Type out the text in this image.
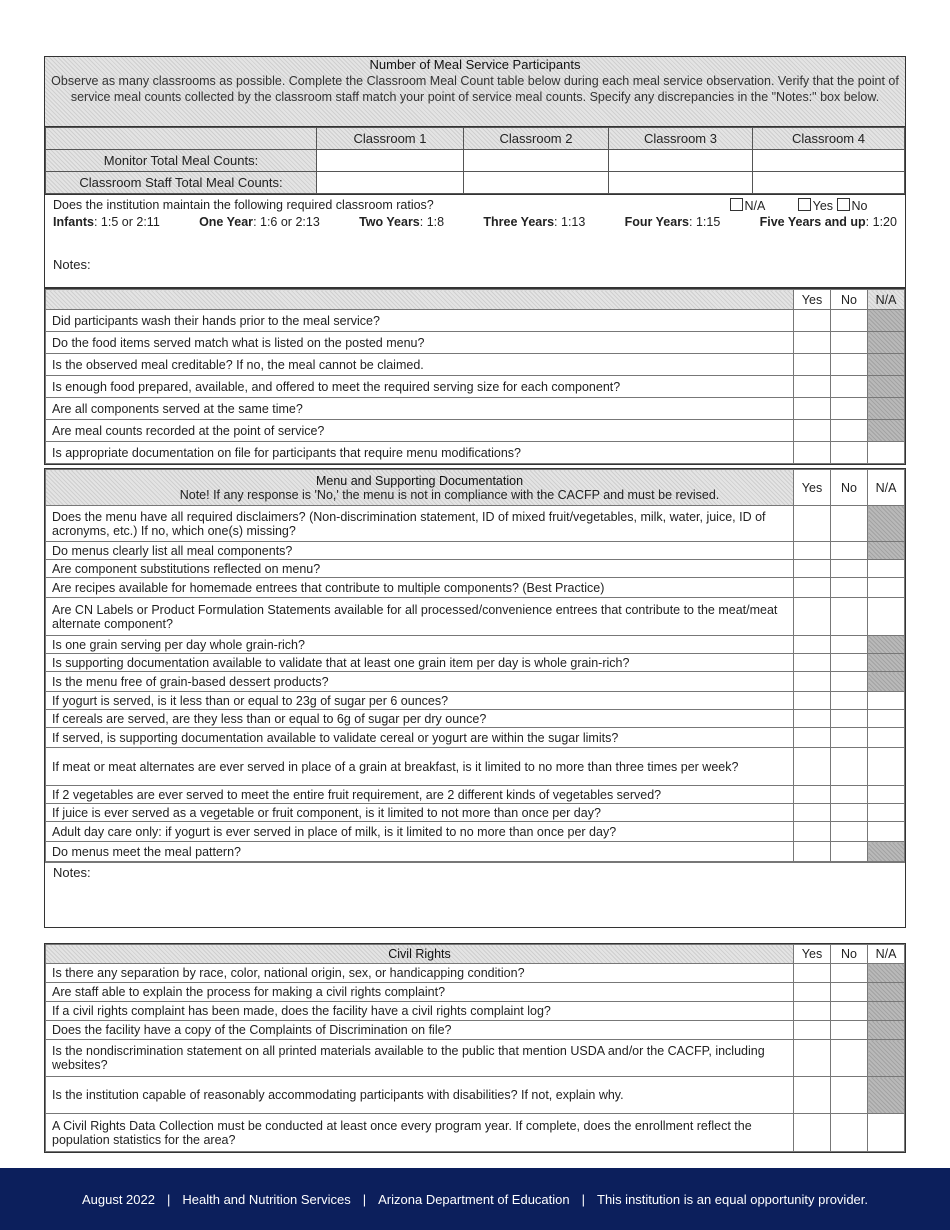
Number of Meal Service Participants
Observe as many classrooms as possible. Complete the Classroom Meal Count table below during each meal service observation. Verify that the point of service meal counts collected by the classroom staff match your point of service meal counts. Specify any discrepancies in the "Notes:" box below.
	Classroom 1	Classroom 2	Classroom 3	Classroom 4
Monitor Total Meal Counts:				
Classroom Staff Total Meal Counts:				
Does the institution maintain the following required classroom ratios?	N/A	Yes No
Infants: 1:5 or 2:11	One Year: 1:6 or 2:13	Two Years: 1:8	Three Years: 1:13	Four Years: 1:15	Five Years and up: 1:20
Notes:
	Yes	No	N/A
Did participants wash their hands prior to the meal service?			
Do the food items served match what is listed on the posted menu?			
Is the observed meal creditable? If no, the meal cannot be claimed.			
Is enough food prepared, available, and offered to meet the required serving size for each component?			
Are all components served at the same time?			
Are meal counts recorded at the point of service?			
Is appropriate documentation on file for participants that require menu modifications?			
Menu and Supporting Documentation
Note! If any response is 'No,' the menu is not in compliance with the CACFP and must be revised.	Yes	No	N/A
Does the menu have all required disclaimers? (Non-discrimination statement, ID of mixed fruit/vegetables, milk, water, juice, ID of acronyms, etc.) If no, which one(s) missing?			
Do menus clearly list all meal components?			
Are component substitutions reflected on menu?			
Are recipes available for homemade entrees that contribute to multiple components? (Best Practice)			
Are CN Labels or Product Formulation Statements available for all processed/convenience entrees that contribute to the meat/meat alternate component?			
Is one grain serving per day whole grain-rich?			
Is supporting documentation available to validate that at least one grain item per day is whole grain-rich?			
Is the menu free of grain-based dessert products?			
If yogurt is served, is it less than or equal to 23g of sugar per 6 ounces?			
If cereals are served, are they less than or equal to 6g of sugar per dry ounce?			
If served, is supporting documentation available to validate cereal or yogurt are within the sugar limits?			
If meat or meat alternates are ever served in place of a grain at breakfast, is it limited to no more than three times per week?			
If 2 vegetables are ever served to meet the entire fruit requirement, are 2 different kinds of vegetables served?			
If juice is ever served as a vegetable or fruit component, is it limited to not more than once per day?			
Adult day care only: if yogurt is ever served in place of milk, is it limited to no more than once per day?			
Do menus meet the meal pattern?			
Notes:
Civil Rights	Yes	No	N/A
Is there any separation by race, color, national origin, sex, or handicapping condition?			
Are staff able to explain the process for making a civil rights complaint?			
If a civil rights complaint has been made, does the facility have a civil rights complaint log?			
Does the facility have a copy of the Complaints of Discrimination on file?			
Is the nondiscrimination statement on all printed materials available to the public that mention USDA and/or the CACFP, including websites?			
Is the institution capable of reasonably accommodating participants with disabilities? If not, explain why.			
A Civil Rights Data Collection must be conducted at least once every program year. If complete, does the enrollment reflect the population statistics for the area?			
August 2022 | Health and Nutrition Services | Arizona Department of Education | This institution is an equal opportunity provider.
